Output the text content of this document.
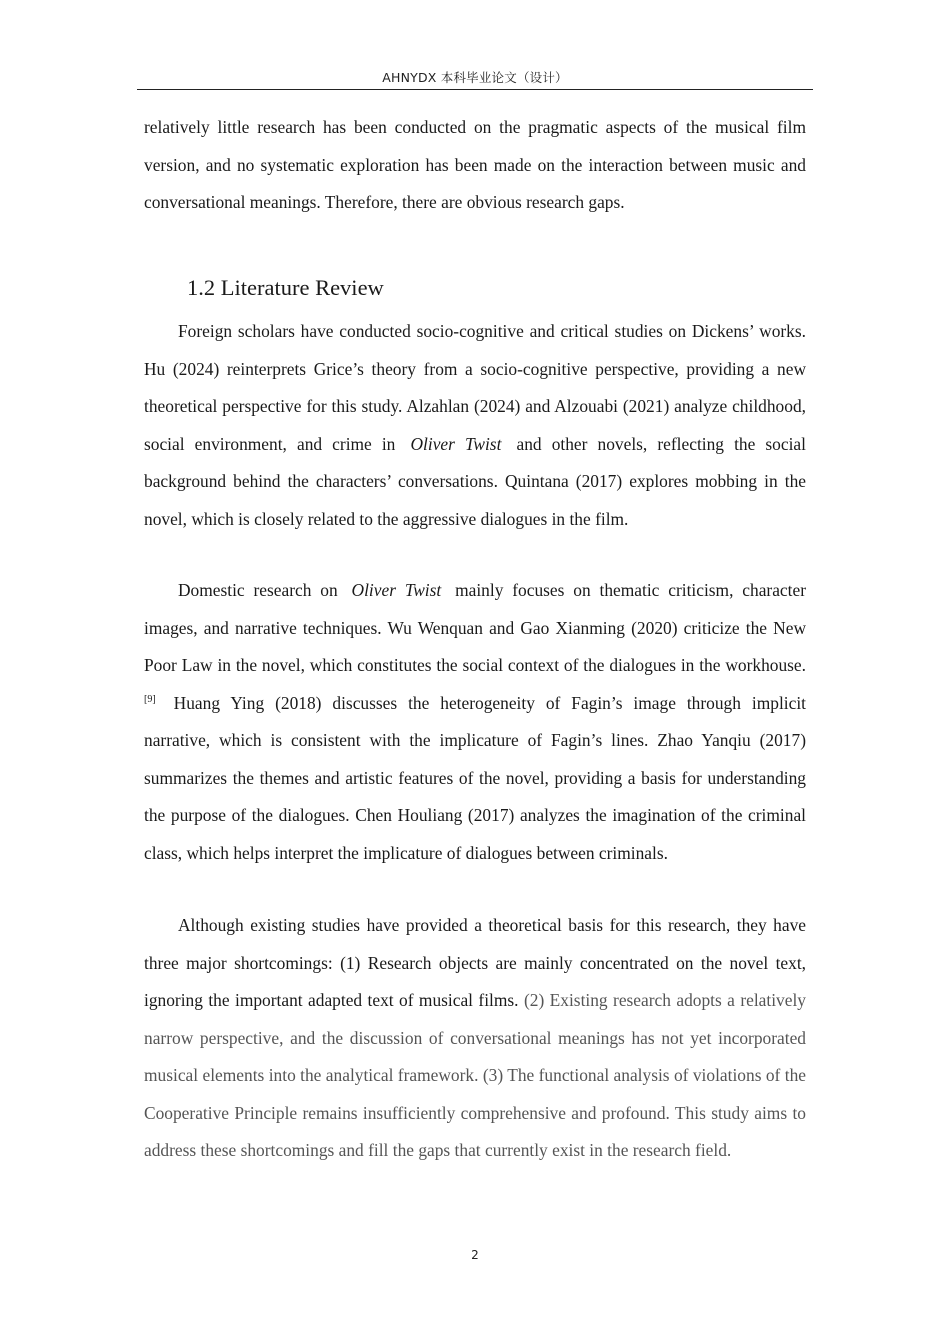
AHNYDX 本科毕业论文（设计）

relatively little research has been conducted on the pragmatic aspects of the musical film version, and no systematic exploration has been made on the interaction between music and conversational meanings. Therefore, there are obvious research gaps.

1.2 Literature Review

Foreign scholars have conducted socio-cognitive and critical studies on Dickens’ works. Hu (2024) reinterprets Grice’s theory from a socio-cognitive perspective, providing a new theoretical perspective for this study. Alzahlan (2024) and Alzouabi (2021) analyze childhood, social environment, and crime in Oliver Twist and other novels, reflecting the social background behind the characters’ conversations. Quintana (2017) explores mobbing in the novel, which is closely related to the aggressive dialogues in the film.

Domestic research on Oliver Twist mainly focuses on thematic criticism, character images, and narrative techniques. Wu Wenquan and Gao Xianming (2020) criticize the New Poor Law in the novel, which constitutes the social context of the dialogues in the workhouse.[9] Huang Ying (2018) discusses the heterogeneity of Fagin’s image through implicit narrative, which is consistent with the implicature of Fagin’s lines. Zhao Yanqiu (2017) summarizes the themes and artistic features of the novel, providing a basis for understanding the purpose of the dialogues. Chen Houliang (2017) analyzes the imagination of the criminal class, which helps interpret the implicature of dialogues between criminals.

Although existing studies have provided a theoretical basis for this research, they have three major shortcomings: (1) Research objects are mainly concentrated on the novel text, ignoring the important adapted text of musical films. (2) Existing research adopts a relatively narrow perspective, and the discussion of conversational meanings has not yet incorporated musical elements into the analytical framework. (3) The functional analysis of violations of the Cooperative Principle remains insufficiently comprehensive and profound. This study aims to address these shortcomings and fill the gaps that currently exist in the research field.

2
